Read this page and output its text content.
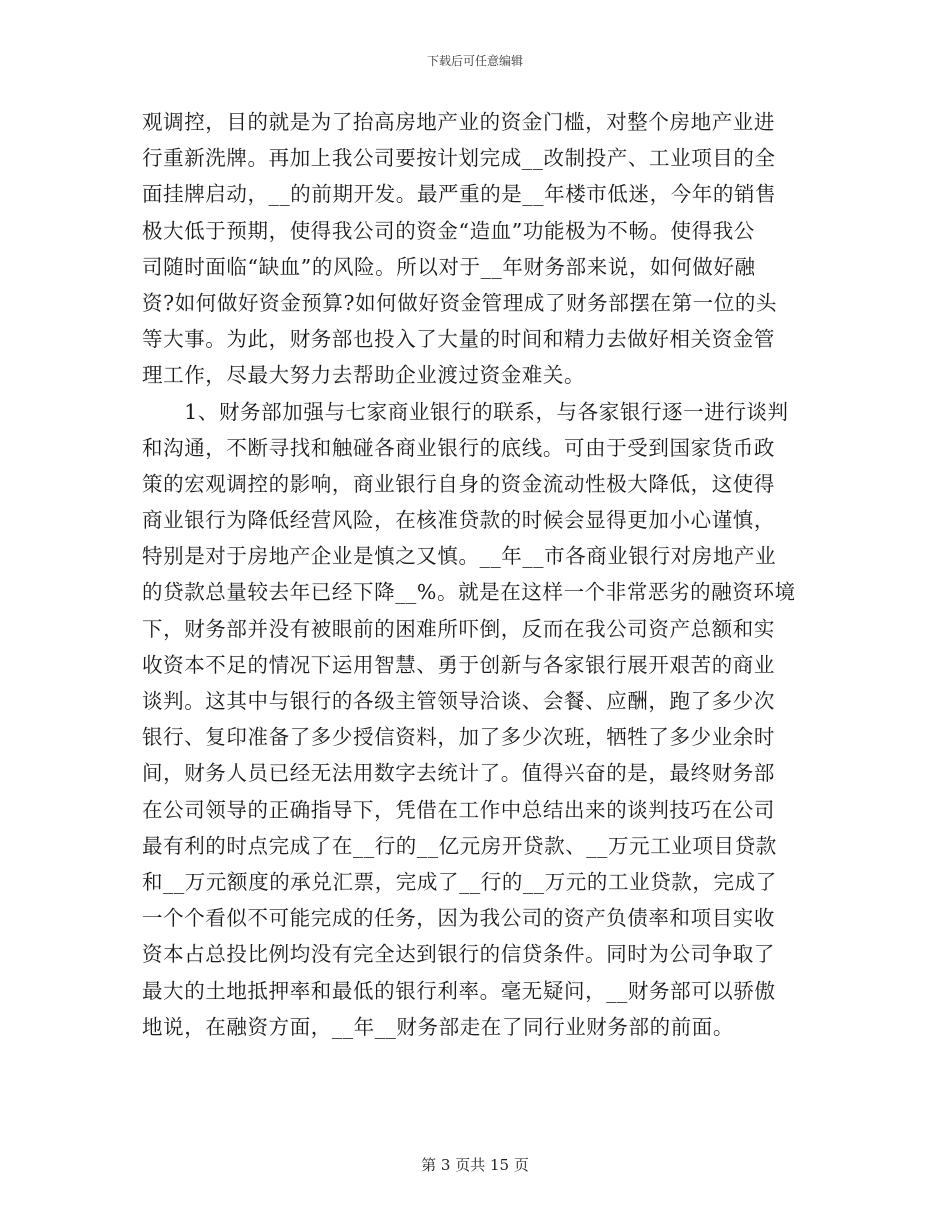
下载后可任意编辑
观调控，目的就是为了抬高房地产业的资金门槛，对整个房地产业进
行重新洗牌。再加上我公司要按计划完成__改制投产、工业项目的全
面挂牌启动，__的前期开发。最严重的是__年楼市低迷，今年的销售
极大低于预期，使得我公司的资金“造血”功能极为不畅。使得我公
司随时面临“缺血”的风险。所以对于__年财务部来说，如何做好融
资?如何做好资金预算?如何做好资金管理成了财务部摆在第一位的头
等大事。为此，财务部也投入了大量的时间和精力去做好相关资金管
理工作，尽最大努力去帮助企业渡过资金难关。
　　1、财务部加强与七家商业银行的联系，与各家银行逐一进行谈判
和沟通，不断寻找和触碰各商业银行的底线。可由于受到国家货币政
策的宏观调控的影响，商业银行自身的资金流动性极大降低，这使得
商业银行为降低经营风险，在核准贷款的时候会显得更加小心谨慎，
特别是对于房地产企业是慎之又慎。__年__市各商业银行对房地产业
的贷款总量较去年已经下降__%。就是在这样一个非常恶劣的融资环境
下，财务部并没有被眼前的困难所吓倒，反而在我公司资产总额和实
收资本不足的情况下运用智慧、勇于创新与各家银行展开艰苦的商业
谈判。这其中与银行的各级主管领导洽谈、会餐、应酬，跑了多少次
银行、复印准备了多少授信资料，加了多少次班，牺牲了多少业余时
间，财务人员已经无法用数字去统计了。值得兴奋的是，最终财务部
在公司领导的正确指导下，凭借在工作中总结出来的谈判技巧在公司
最有利的时点完成了在__行的__亿元房开贷款、__万元工业项目贷款
和__万元额度的承兑汇票，完成了__行的__万元的工业贷款，完成了
一个个看似不可能完成的任务，因为我公司的资产负债率和项目实收
资本占总投比例均没有完全达到银行的信贷条件。同时为公司争取了
最大的土地抵押率和最低的银行利率。毫无疑问，__财务部可以骄傲
地说，在融资方面，__年__财务部走在了同行业财务部的前面。
第 3 页共 15 页
